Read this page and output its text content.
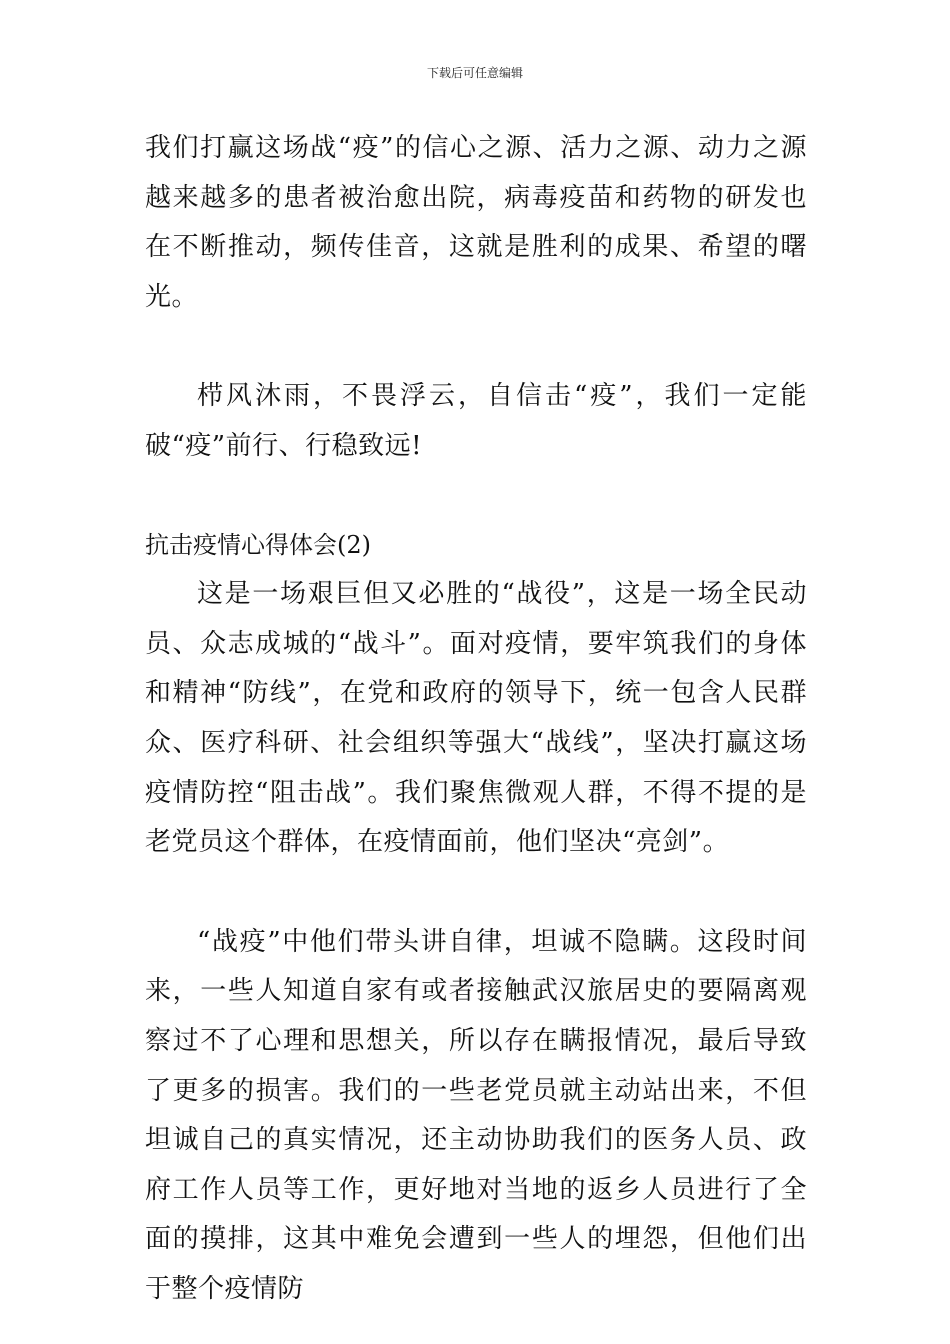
下载后可任意编辑

我们打赢这场战“疫”的信心之源、活力之源、动力之源越来越多的患者被治愈出院，病毒疫苗和药物的研发也在不断推动，频传佳音，这就是胜利的成果、希望的曙光。

栉风沐雨，不畏浮云，自信击“疫”，我们一定能破“疫”前行、行稳致远!

抗击疫情心得体会(2)

这是一场艰巨但又必胜的“战役”，这是一场全民动员、众志成城的“战斗”。面对疫情，要牢筑我们的身体和精神“防线”，在党和政府的领导下，统一包含人民群众、医疗科研、社会组织等强大“战线”，坚决打赢这场疫情防控“阻击战”。我们聚焦微观人群，不得不提的是老党员这个群体，在疫情面前，他们坚决“亮剑”。

“战疫”中他们带头讲自律，坦诚不隐瞒。这段时间来，一些人知道自家有或者接触武汉旅居史的要隔离观察过不了心理和思想关，所以存在瞒报情况，最后导致了更多的损害。我们的一些老党员就主动站出来，不但坦诚自己的真实情况，还主动协助我们的医务人员、政府工作人员等工作，更好地对当地的返乡人员进行了全面的摸排，这其中难免会遭到一些人的埋怨，但他们出于整个疫情防
